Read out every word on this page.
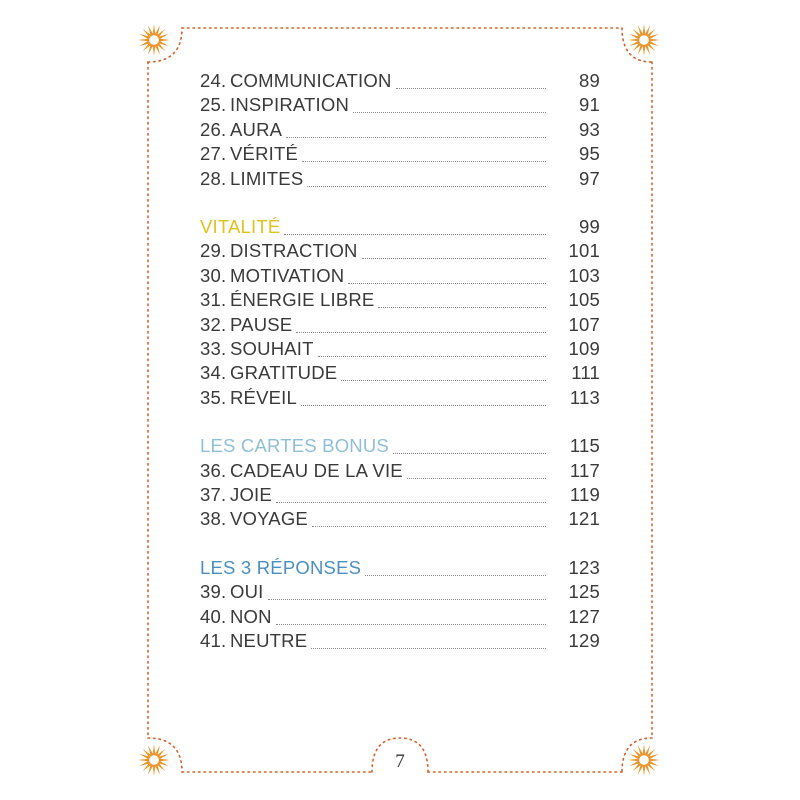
24. COMMUNICATION	89
25. INSPIRATION	91
26. AURA	93
27. VÉRITÉ	95
28. LIMITES	97
VITALITÉ	99
29. DISTRACTION	101
30. MOTIVATION	103
31. ÉNERGIE LIBRE	105
32. PAUSE	107
33. SOUHAIT	109
34. GRATITUDE	111
35. RÉVEIL	113
LES CARTES BONUS	115
36. CADEAU DE LA VIE	117
37. JOIE	119
38. VOYAGE	121
LES 3 RÉPONSES	123
39. OUI	125
40. NON	127
41. NEUTRE	129
7
